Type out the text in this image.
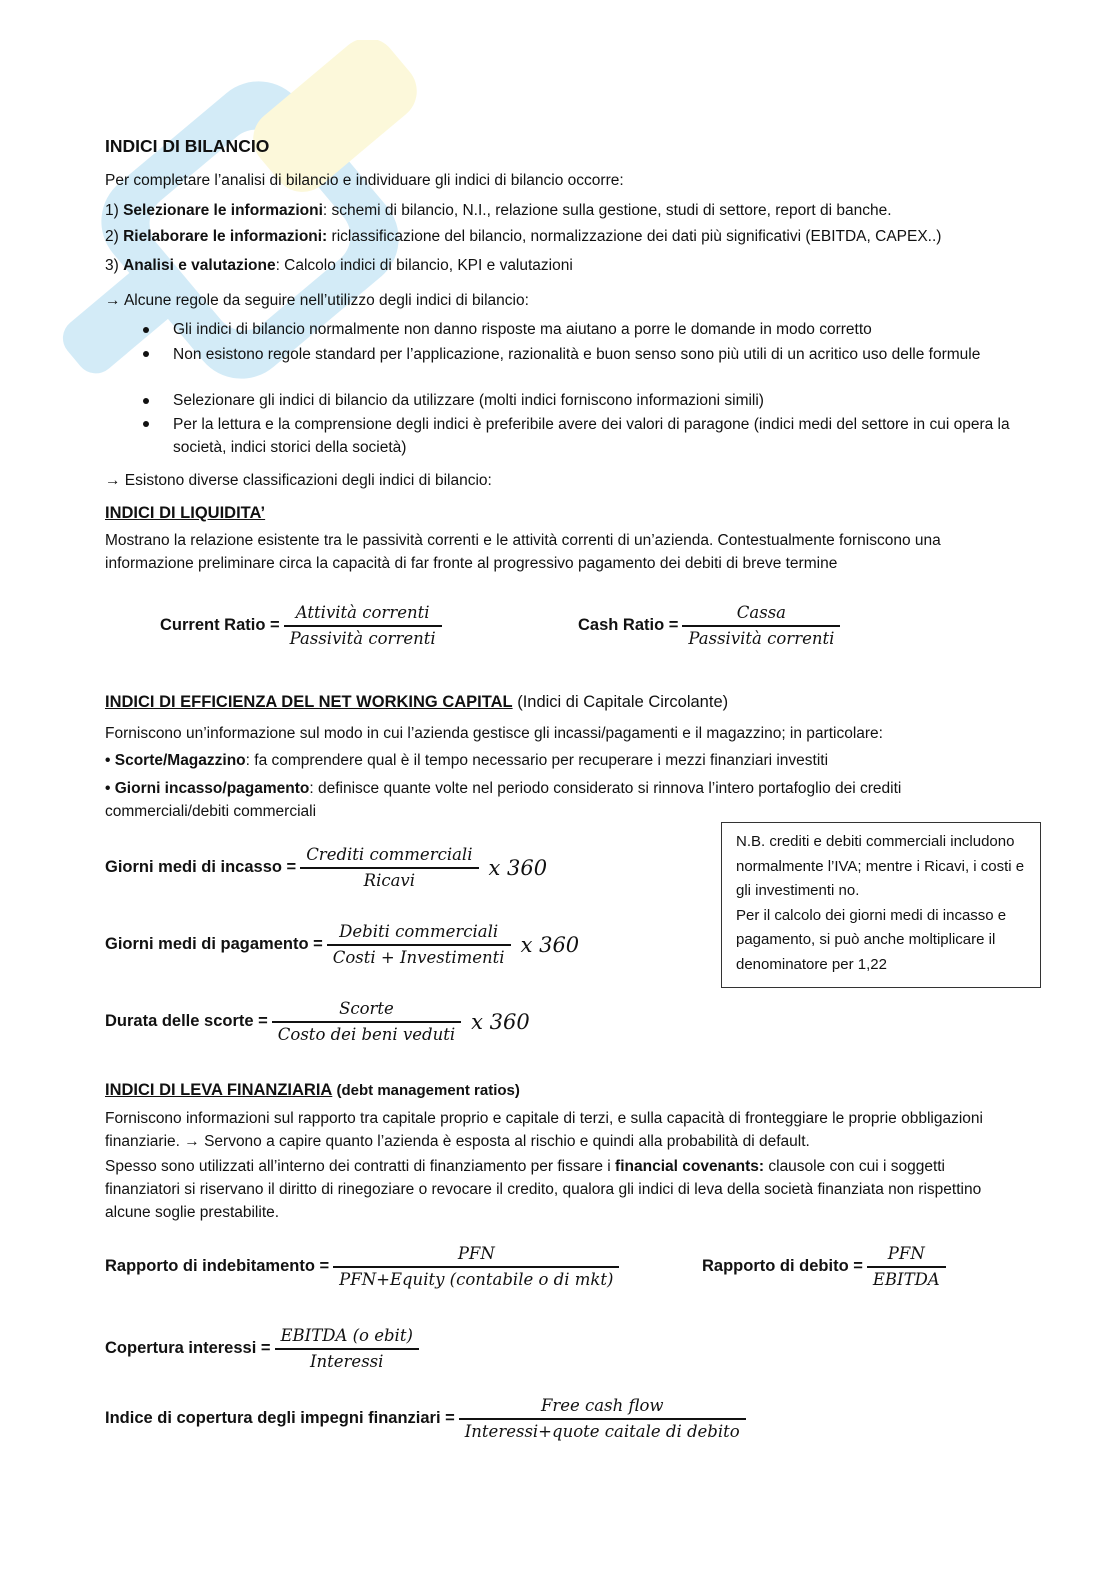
INDICI DI BILANCIO
Per completare l’analisi di bilancio e individuare gli indici di bilancio occorre:
1) Selezionare le informazioni: schemi di bilancio, N.I., relazione sulla gestione, studi di settore, report di banche.
2) Rielaborare le informazioni: riclassificazione del bilancio, normalizzazione dei dati più significativi (EBITDA, CAPEX..)
3) Analisi e valutazione: Calcolo indici di bilancio, KPI e valutazioni
→ Alcune regole da seguire nell’utilizzo degli indici di bilancio:
Gli indici di bilancio normalmente non danno risposte ma aiutano a porre le domande in modo corretto
Non esistono regole standard per l’applicazione, razionalità e buon senso sono più utili di un acritico uso delle formule
Selezionare gli indici di bilancio da utilizzare (molti indici forniscono informazioni simili)
Per la lettura e la comprensione degli indici è preferibile avere dei valori di paragone (indici medi del settore in cui opera la società, indici storici della società)
→ Esistono diverse classificazioni degli indici di bilancio:
INDICI DI LIQUIDITA’
Mostrano la relazione esistente tra le passività correnti e le attività correnti di un’azienda. Contestualmente forniscono una informazione preliminare circa la capacità di far fronte al progressivo pagamento dei debiti di breve termine
Current Ratio = $\frac{\text{Attività correnti}}{\text{Passività correnti}}$	Cash Ratio = $\frac{\text{Cassa}}{\text{Passività correnti}}$
INDICI DI EFFICIENZA DEL NET WORKING CAPITAL (Indici di Capitale Circolante)
Forniscono un’informazione sul modo in cui l’azienda gestisce gli incassi/pagamenti e il magazzino; in particolare:
• Scorte/Magazzino: fa comprendere qual è il tempo necessario per recuperare i mezzi finanziari investiti
• Giorni incasso/pagamento: definisce quante volte nel periodo considerato si rinnova l’intero portafoglio dei crediti commerciali/debiti commerciali
Giorni medi di incasso = $\frac{\text{Crediti commerciali}}{\text{Ricavi}}$ x 360
Giorni medi di pagamento = $\frac{\text{Debiti commerciali}}{\text{Costi + Investimenti}}$ x 360
Durata delle scorte = $\frac{\text{Scorte}}{\text{Costo dei beni veduti}}$ x 360

N.B. crediti e debiti commerciali includono normalmente l’IVA; mentre i Ricavi, i costi e gli investimenti no.

Per il calcolo dei giorni medi di incasso e pagamento, si può anche moltiplicare il denominatore per 1,22

INDICI DI LEVA FINANZIARIA (debt management ratios)
Forniscono informazioni sul rapporto tra capitale proprio e capitale di terzi, e sulla capacità di fronteggiare le proprie obbligazioni finanziarie. → Servono a capire quanto l’azienda è esposta al rischio e quindi alla probabilità di default.
Spesso sono utilizzati all’interno dei contratti di finanziamento per fissare i financial covenants: clausole con cui i soggetti finanziatori si riservano il diritto di rinegoziare o revocare il credito, qualora gli indici di leva della società finanziata non rispettino alcune soglie prestabilite.
Rapporto di indebitamento = $\frac{\text{PFN}}{\text{PFN+Equity (contabile o di mkt)}}$	Rapporto di debito = $\frac{\text{PFN}}{\text{EBITDA}}$
Copertura interessi = $\frac{\text{EBITDA (o ebit)}}{\text{Interessi}}$
Indice di copertura degli impegni finanziari = $\frac{\text{Free cash flow}}{\text{Interessi+quote caitale di debito}}$
